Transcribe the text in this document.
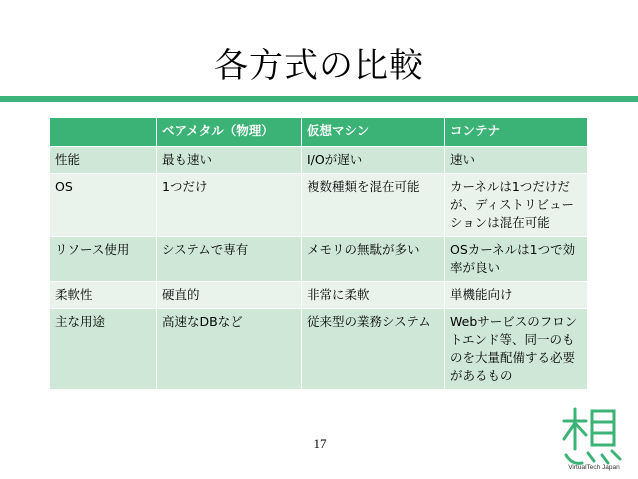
各方式の比較
	ベアメタル（物理）	仮想マシン	コンテナ
性能	最も速い	I/Oが遅い	速い
OS	1つだけ	複数種類を混在可能	カーネルは1つだけだが、ディストリビューションは混在可能
リソース使用	システムで専有	メモリの無駄が多い	OSカーネルは1つで効率が良い
柔軟性	硬直的	非常に柔軟	単機能向け
主な用途	高速なDBなど	従来型の業務システム	Webサービスのフロントエンド等、同一のものを大量配備する必要があるもの
17
VirtualTech Japan
